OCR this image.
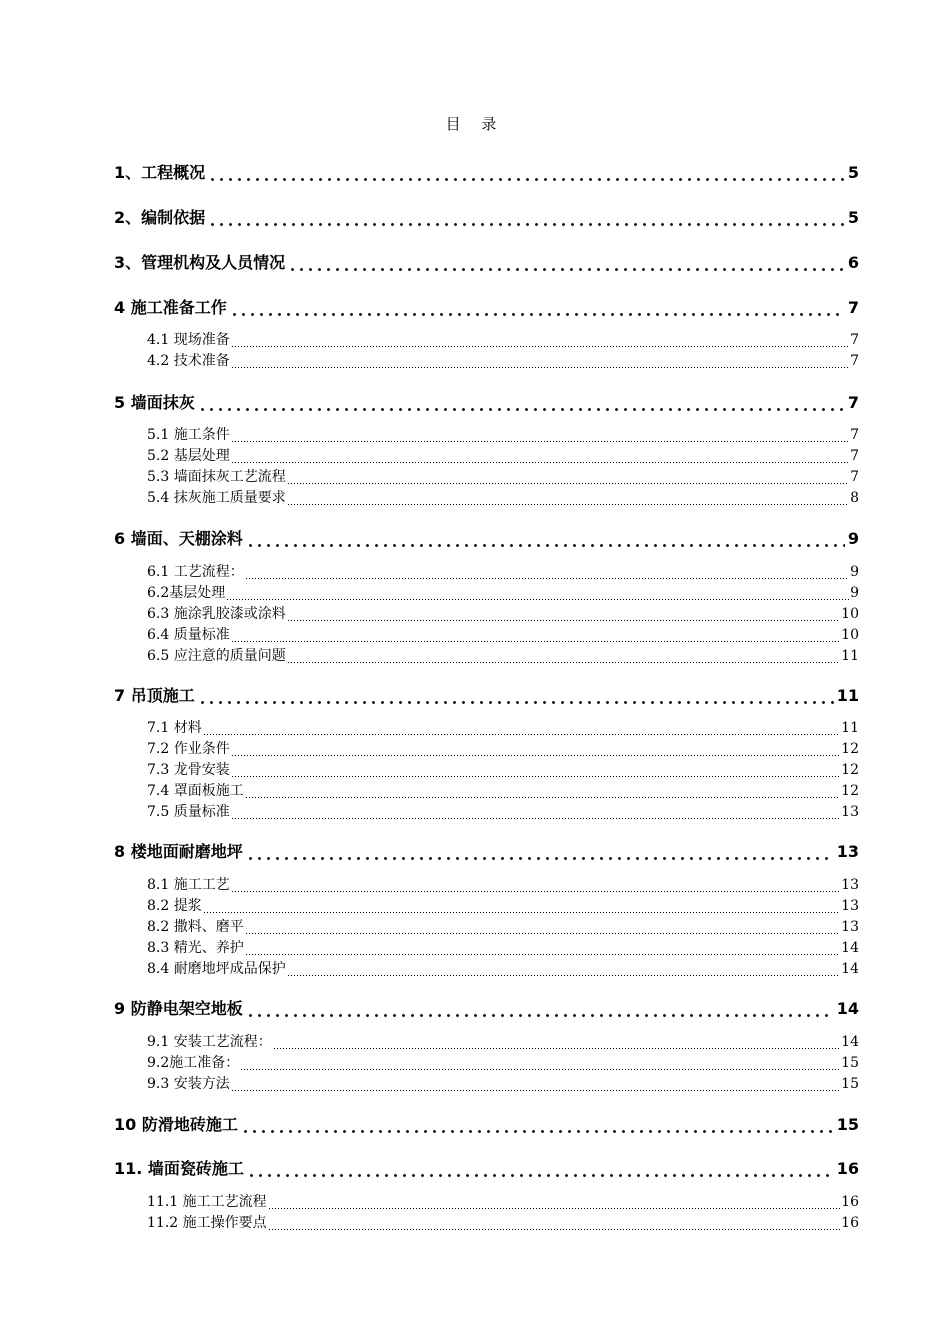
目 录
1、工程概况	5
2、编制依据	5
3、管理机构及人员情况	6
4 施工准备工作	7
4.1 现场准备	7
4.2 技术准备	7
5 墙面抹灰	7
5.1 施工条件	7
5.2 基层处理	7
5.3 墙面抹灰工艺流程	7
5.4 抹灰施工质量要求	8
6 墙面、天棚涂料	9
6.1 工艺流程：	9
6.2基层处理	9
6.3 施涂乳胶漆或涂料	10
6.4 质量标准	10
6.5 应注意的质量问题	11
7 吊顶施工	11
7.1 材料	11
7.2 作业条件	12
7.3 龙骨安装	12
7.4 罩面板施工	12
7.5 质量标准	13
8 楼地面耐磨地坪	13
8.1 施工工艺	13
8.2 提浆	13
8.2 撒料、磨平	13
8.3 精光、养护	14
8.4 耐磨地坪成品保护	14
9 防静电架空地板	14
9.1 安装工艺流程：	14
9.2施工准备：	15
9.3 安装方法	15
10 防滑地砖施工	15
11. 墙面瓷砖施工	16
11.1 施工工艺流程	16
11.2 施工操作要点	16
